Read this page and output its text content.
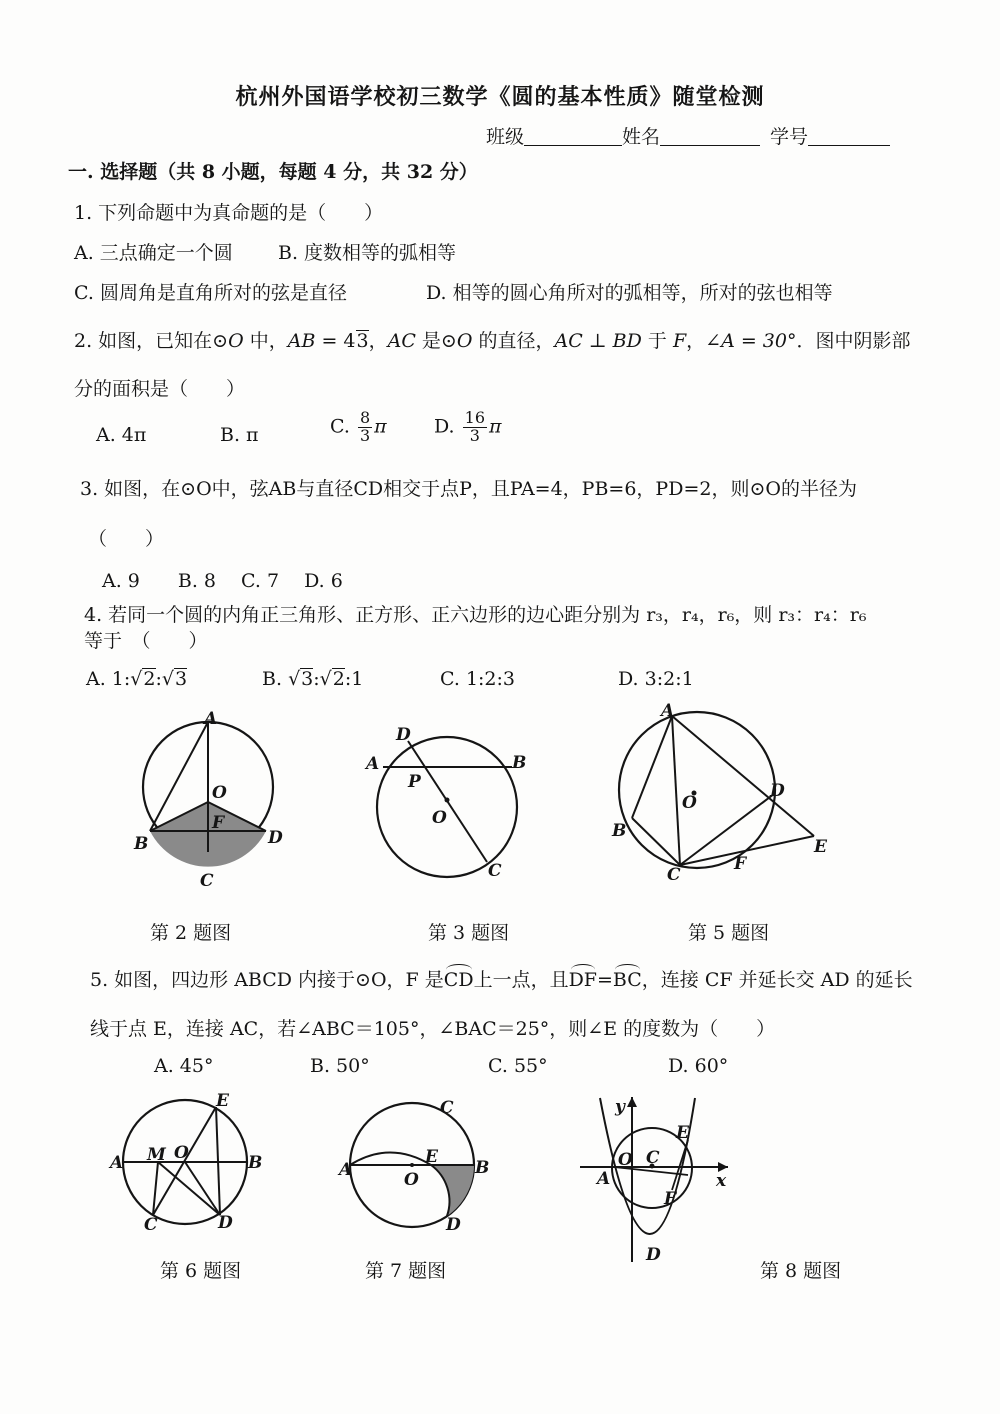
杭州外国语学校初三数学《圆的基本性质》随堂检测
班级	姓名	学号
一. 选择题（共 8 小题，每题 4 分，共 32 分）
1. 下列命题中为真命题的是（　　）
A. 三点确定一个圆 B. 度数相等的弧相等
C. 圆周角是直角所对的弦是直径	D. 相等的圆心角所对的弧相等，所对的弦也相等
2. 如图，已知在⊙O 中，AB = 43，AC 是⊙O 的直径，AC ⊥ BD 于 F，∠A = 30°．图中阴影部
分的面积是（　　）
A. 4π	B. π	C. $\frac{8}{3}$ π D. $\frac{16}{3}$ π
3. 如图，在⊙O中，弦AB与直径CD相交于点P，且PA=4，PB=6，PD=2，则⊙O的半径为
（　　）
A. 9　　B. 8　 C. 7　 D. 6
4. 若同一个圆的内角正三角形、正方形、正六边形的边心距分别为 r₃，r₄，r₆，则 r₃：r₄：r₆
等于　（　　）
A. 1:√2:√3	B. √3:√2:1	C. 1:2:3	D. 3:2:1
A
O
F
B	D
C
D
A	B
P
O
C
A
O
D
B
C
F
E
第 2 题图	第 3 题图	第 5 题图
5. 如图，四边形 ABCD 内接于⊙O，F 是CD上一点，且DF=BC，连接 CF 并延长交 AD 的延长
线于点 E，连接 AC，若∠ABC＝105°，∠BAC＝25°，则∠E 的度数为（　　）
A. 45°	B. 50°	C. 55°	D. 60°
E
A M O	B
C	D
C
A
E
B
O
D
y
O C
E
A
F
x
D
第 6 题图	第 7 题图	第 8 题图
